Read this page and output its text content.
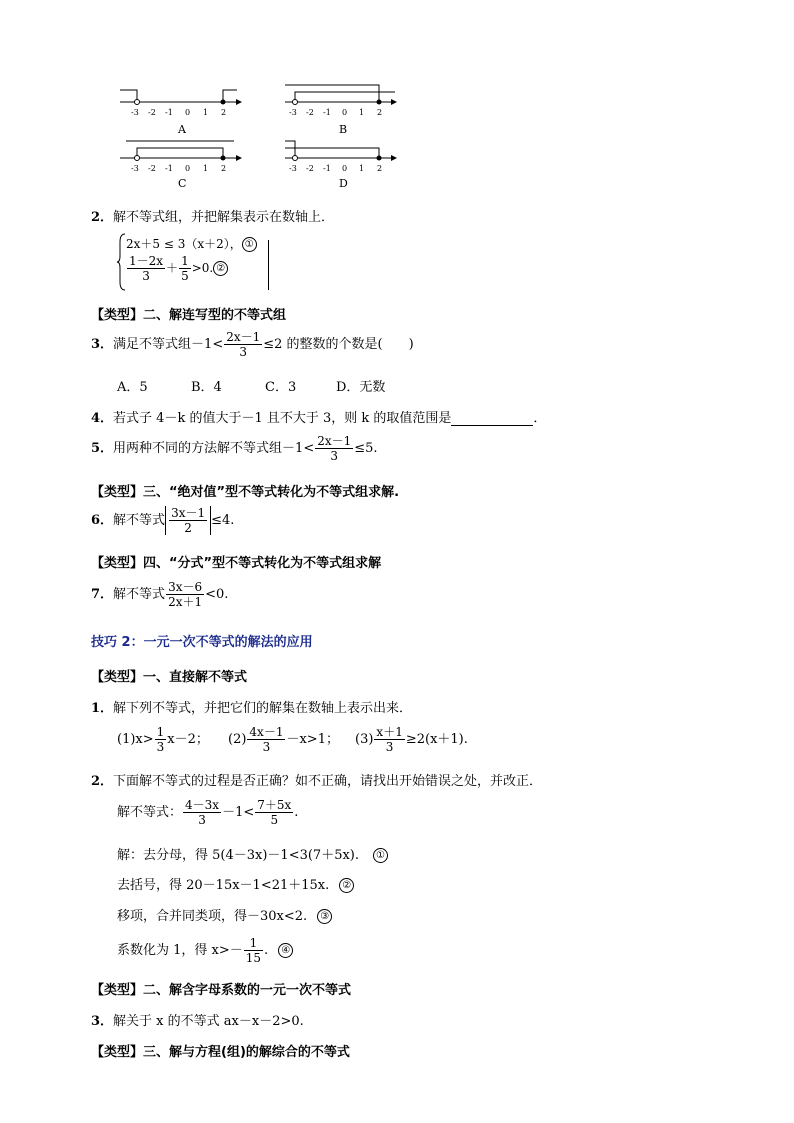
-3 -2 -1 0 1 2
A
-3 -2 -1 0 1 2
B
-3 -2 -1 0 1 2
C
-3 -2 -1 0 1 2
D
2．解不等式组，并把解集表示在数轴上．
2x＋5 ≤ 3（x＋2）， ①
$\frac{1-2x}{3} + \frac{1}{5} >0$. ②
【类型】二、解连写型的不等式组
3．满足不等式组$-1< \frac{2x-1}{3} \le 2$ 的整数的个数是(　　)
A．5	B．4	C．3	D．无数
4．若式子 4－k 的值大于－1 且不大于 3，则 k 的取值范围是	．
5．用两种不同的方法解不等式组$-1< \frac{2x-1}{3} \le 5$.
【类型】三、“绝对值”型不等式转化为不等式组求解.
6．解不等式 $\frac{3x-1}{2} \le 4$.
【类型】四、“分式”型不等式转化为不等式组求解
7．解不等式 $\frac{3x-6}{2x+1} <0$.
技巧 2：一元一次不等式的解法的应用
【类型】一、直接解不等式
1．解下列不等式，并把它们的解集在数轴上表示出来．
$(1)x> \frac{1}{3} x-2$； $(2) \frac{4x-1}{3} -x>1$； $(3) \frac{x+1}{3} \ge 2(x+1)$.
2．下面解不等式的过程是否正确？如不正确，请找出开始错误之处，并改正．
解不等式： $\frac{4-3x}{3} -1< \frac{7+5x}{5}$ .
解：去分母，得 5(4－3x)－1<3(7＋5x). ①
去括号，得 20－15x－1<21＋15x. ②
移项，合并同类项，得－30x<2. ③
系数化为 1，得 $x>- \frac{1}{15}$ . ④
【类型】二、解含字母系数的一元一次不等式
3．解关于 x 的不等式 ax－x－2>0.
【类型】三、解与方程(组)的解综合的不等式
